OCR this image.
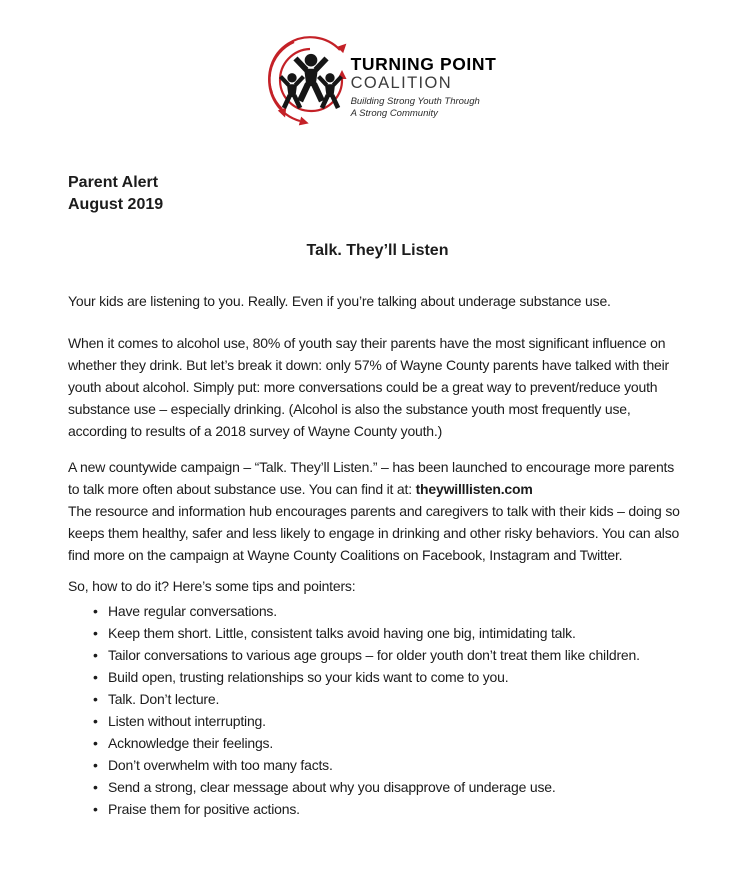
TURNING POINT
COALITION
Building Strong Youth Through
A Strong Community
Parent Alert
August 2019
Talk. They’ll Listen

Your kids are listening to you. Really. Even if you’re talking about underage substance use.

When it comes to alcohol use, 80% of youth say their parents have the most significant influence on whether they drink. But let’s break it down: only 57% of Wayne County parents have talked with their youth about alcohol. Simply put: more conversations could be a great way to prevent/reduce youth substance use – especially drinking. (Alcohol is also the substance youth most frequently use, according to results of a 2018 survey of Wayne County youth.)

A new countywide campaign – “Talk. They’ll Listen.” – has been launched to encourage more parents to talk more often about substance use. You can find it at: theywilllisten.com
The resource and information hub encourages parents and caregivers to talk with their kids – doing so keeps them healthy, safer and less likely to engage in drinking and other risky behaviors. You can also find more on the campaign at Wayne County Coalitions on Facebook, Instagram and Twitter.

So, how to do it? Here’s some tips and pointers:

• Have regular conversations.
• Keep them short. Little, consistent talks avoid having one big, intimidating talk.
• Tailor conversations to various age groups – for older youth don’t treat them like children.
• Build open, trusting relationships so your kids want to come to you.
• Talk. Don’t lecture.
• Listen without interrupting.
• Acknowledge their feelings.
• Don’t overwhelm with too many facts.
• Send a strong, clear message about why you disapprove of underage use.
• Praise them for positive actions.
